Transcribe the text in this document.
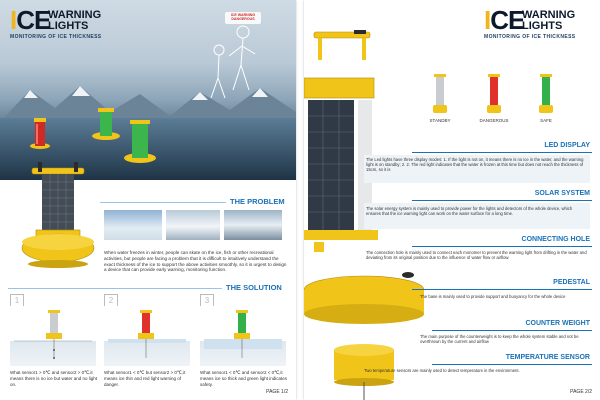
ICE WARNING DANGEROUS
ICE
WARNING
LIGHTS
MONITORING OF ICE THICKNESS
THE PROBLEM
When water freezes in winter, people can skate on the ice, fish or other recreational activities, but people are facing a problem that it is difficult to intuitively understand the exact thickness of the ice to support the above activities smoothly, so it is urgent to design a device that can provide early warning, monitoring function.
THE SOLUTION
1
What sensor1 > 0℃ and sensor2 > 0℃,it means there is no ice but water and no light on.
2
What sensor1 < 0℃ but sensor2 > 0℃,it means ice thin and red light warning of danger.
3
What sensor1 < 0℃ and sensor2 < 0℃,it means ice so thick and green light indicates safety.
PAGE 1/2
ICE
WARNING
LIGHTS
MONITORING OF ICE THICKNESS
STANDBY	DANGEROUS	SAFE
LED DISPLAY
The Led lights have three display modes: 1. If the light is not on, it means there is no ice in the water, and the warning light is on standby; 2. 2. The red light indicates that the water is frozen at this time but does not reach the thickness of 15cm, so it is
SOLAR SYSTEM
The solar energy system is mainly used to provide power for the lights and detectors of the whole device, which ensures that the ice warning light can work on the water surface for a long time.
CONNECTING HOLE
The connection hole is mainly used to connect each monomer to prevent the warning light from drifting in the water and deviating from its original position due to the influence of water flow or airflow.
PEDESTAL
The base is mainly used to provide support and buoyancy for the whole device
COUNTER WEIGHT
The main purpose of the counterweight is to keep the whole system stable and not be overthrown by the current and airflow
TEMPERATURE SENSOR
Two temperature sensors are mainly used to detect temperature in the environment.
PAGE 2/2
